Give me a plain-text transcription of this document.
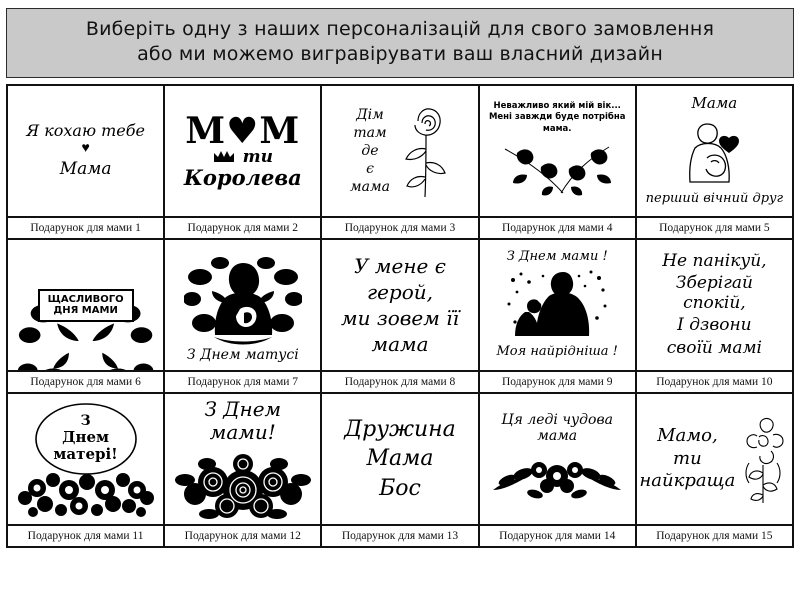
Виберіть одну з наших персоналізацій для свого замовлення
або ми можемо вигравірувати ваш власний дизайн
Я кохаю тебе
♥
Мама
Подарунок для мами 1
M♥M
ти
Королева
Подарунок для мами 2
Дім
там
де
є
мама
Подарунок для мами 3
Неважливо який мій вік...
Мені завжди буде потрібна
мама.
Подарунок для мами 4
Мама
перший вічний друг
Подарунок для мами 5
ЩАСЛИВОГО
ДНЯ МАМИ
Подарунок для мами 6
З Днем матусі
Подарунок для мами 7
У мене є
герой,
ми зовем її
мама
Подарунок для мами 8
З Днем мами !
Моя найрідніша !
Подарунок для мами 9
Не панікуй,
Зберігай спокій,
І дзвони
своїй мамі
Подарунок для мами 10
З
Днем
матері!
Подарунок для мами 11
З Днем
мами!
Подарунок для мами 12
Дружина
Мама
Бос
Подарунок для мами 13
Ця леді чудова мама
Подарунок для мами 14
Мамо,
ти
найкраща
Подарунок для мами 15
